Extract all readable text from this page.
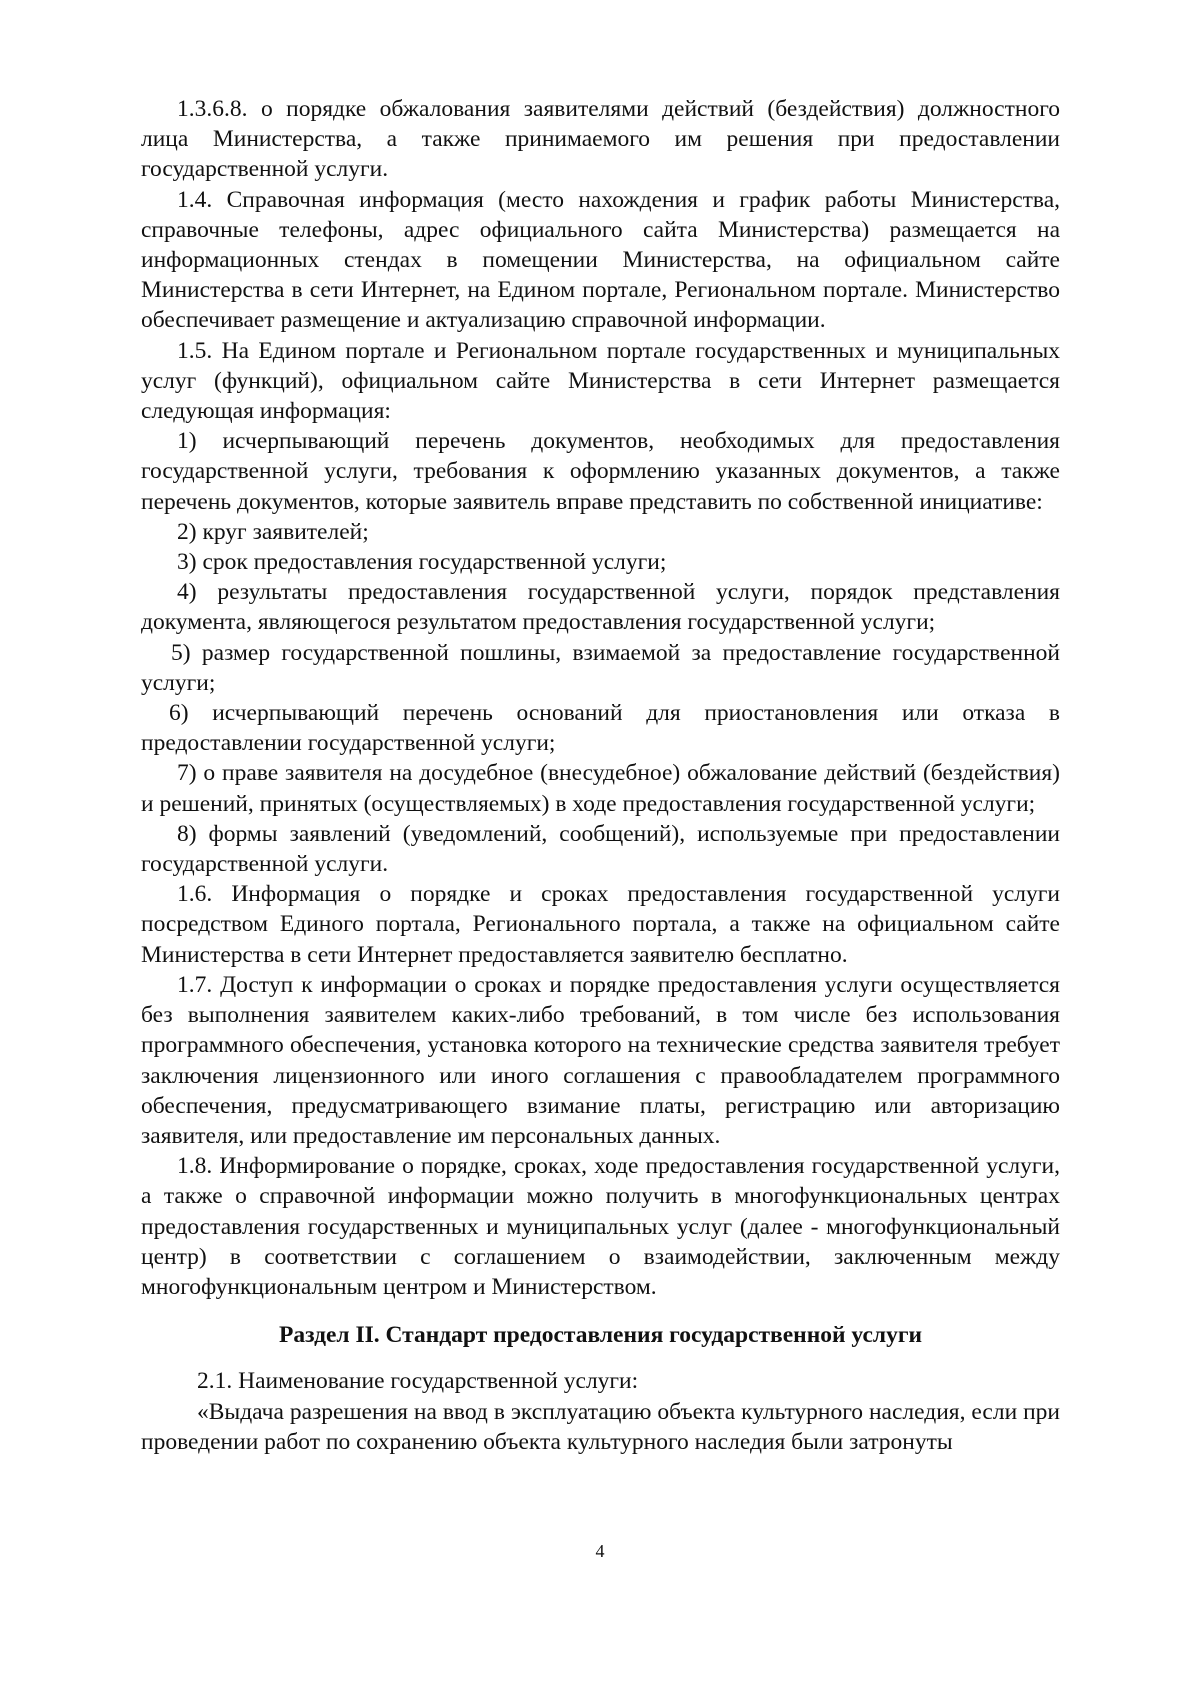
1.3.6.8. о порядке обжалования заявителями действий (бездействия) должностного лица Министерства, а также принимаемого им решения при предоставлении государственной услуги.

1.4. Справочная информация (место нахождения и график работы Министерства, справочные телефоны, адрес официального сайта Министерства) размещается на информационных стендах в помещении Министерства, на официальном сайте Министерства в сети Интернет, на Едином портале, Региональном портале. Министерство обеспечивает размещение и актуализацию справочной информации.

1.5. На Едином портале и Региональном портале государственных и муниципальных услуг (функций), официальном сайте Министерства в сети Интернет размещается следующая информация:

1) исчерпывающий перечень документов, необходимых для предоставления государственной услуги, требования к оформлению указанных документов, а также перечень документов, которые заявитель вправе представить по собственной инициативе:

2) круг заявителей;

3) срок предоставления государственной услуги;

4) результаты предоставления государственной услуги, порядок представления документа, являющегося результатом предоставления государственной услуги;

5) размер государственной пошлины, взимаемой за предоставление государственной услуги;

6) исчерпывающий перечень оснований для приостановления или отказа в предоставлении государственной услуги;

7) о праве заявителя на досудебное (внесудебное) обжалование действий (бездействия) и решений, принятых (осуществляемых) в ходе предоставления государственной услуги;

8) формы заявлений (уведомлений, сообщений), используемые при предоставлении государственной услуги.

1.6. Информация о порядке и сроках предоставления государственной услуги посредством Единого портала, Регионального портала, а также на официальном сайте Министерства в сети Интернет предоставляется заявителю бесплатно.

1.7. Доступ к информации о сроках и порядке предоставления услуги осуществляется без выполнения заявителем каких-либо требований, в том числе без использования программного обеспечения, установка которого на технические средства заявителя требует заключения лицензионного или иного соглашения с правообладателем программного обеспечения, предусматривающего взимание платы, регистрацию или авторизацию заявителя, или предоставление им персональных данных.

1.8. Информирование о порядке, сроках, ходе предоставления государственной услуги, а также о справочной информации можно получить в многофункциональных центрах предоставления государственных и муниципальных услуг (далее - многофункциональный центр) в соответствии с соглашением о взаимодействии, заключенным между многофункциональным центром и Министерством.

Раздел II. Стандарт предоставления государственной услуги

2.1. Наименование государственной услуги:

«Выдача разрешения на ввод в эксплуатацию объекта культурного наследия, если при проведении работ по сохранению объекта культурного наследия были затронуты

4
